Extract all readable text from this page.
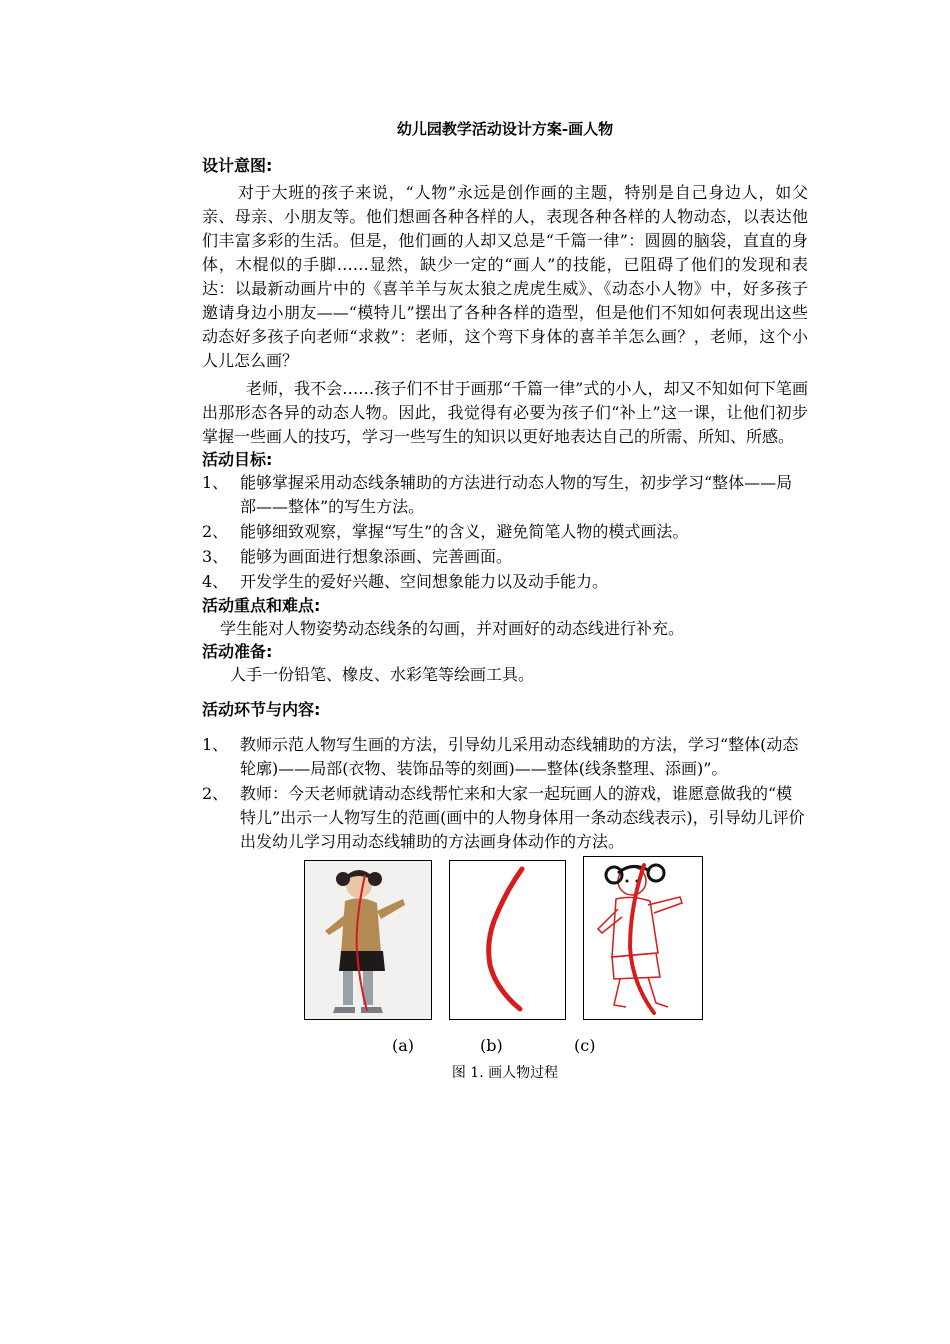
幼儿园教学活动设计方案-画人物
设计意图:

对于大班的孩子来说，“人物”永远是创作画的主题，特别是自己身边人，如父亲、母亲、小朋友等。他们想画各种各样的人，表现各种各样的人物动态，以表达他们丰富多彩的生活。但是，他们画的人却又总是“千篇一律”：圆圆的脑袋，直直的身体，木棍似的手脚……显然，缺少一定的“画人”的技能，已阻碍了他们的发现和表达：以最新动画片中的《喜羊羊与灰太狼之虎虎生威》、《动态小人物》中，好多孩子邀请身边小朋友——“模特儿”摆出了各种各样的造型，但是他们不知如何表现出这些动态好多孩子向老师“求救”：老师，这个弯下身体的喜羊羊怎么画？，老师，这个小人儿怎么画？

老师，我不会……孩子们不甘于画那“千篇一律”式的小人，却又不知如何下笔画出那形态各异的动态人物。因此，我觉得有必要为孩子们“补上”这一课，让他们初步掌握一些画人的技巧，学习一些写生的知识以更好地表达自己的所需、所知、所感。

活动目标:
1、 能够掌握采用动态线条辅助的方法进行动态人物的写生，初步学习“整体——局部——整体”的写生方法。
2、 能够细致观察，掌握“写生”的含义，避免简笔人物的模式画法。
3、 能够为画面进行想象添画、完善画面。
4、 开发学生的爱好兴趣、空间想象能力以及动手能力。
活动重点和难点:

学生能对人物姿势动态线条的勾画，并对画好的动态线进行补充。

活动准备:

人手一份铅笔、橡皮、水彩笔等绘画工具。

活动环节与内容:
1、 教师示范人物写生画的方法，引导幼儿采用动态线辅助的方法，学习“整体(动态轮廓)——局部(衣物、装饰品等的刻画)——整体(线条整理、添画)”。
2、 教师：今天老师就请动态线帮忙来和大家一起玩画人的游戏，谁愿意做我的“模特儿”出示一人物写生的范画(画中的人物身体用一条动态线表示)，引导幼儿评价出发幼儿学习用动态线辅助的方法画身体动作的方法。
(a)	(b)	(c)
图 1. 画人物过程
